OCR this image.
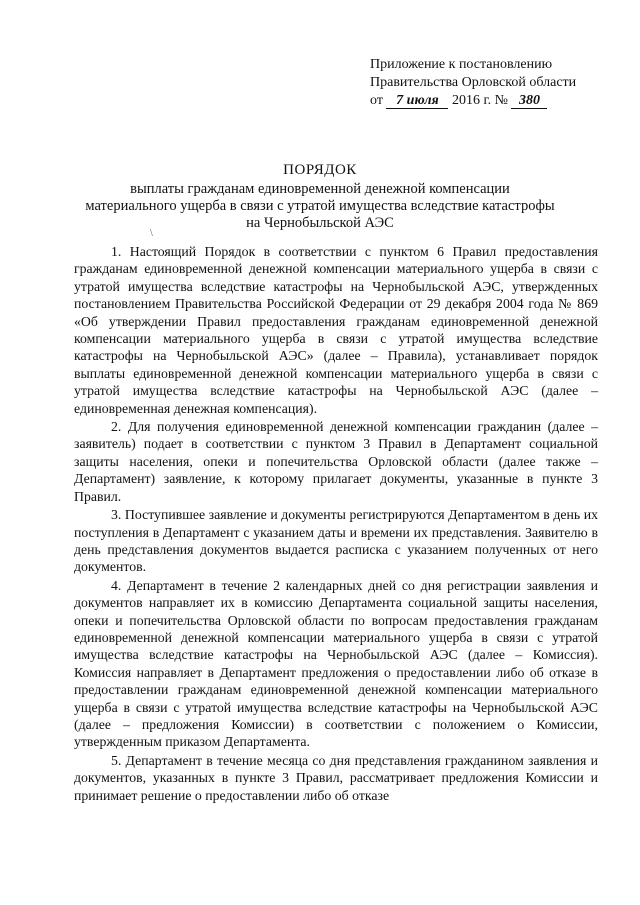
Приложение к постановлению
Правительства Орловской области
от 7 июля 2016 г. № 380
ПОРЯДОК
выплаты гражданам единовременной денежной компенсации
материального ущерба в связи с утратой имущества вследствие катастрофы
на Чернобыльской АЭС
\

1. Настоящий Порядок в соответствии с пунктом 6 Правил предоставления гражданам единовременной денежной компенсации материального ущерба в связи с утратой имущества вследствие катастрофы на Чернобыльской АЭС, утвержденных постановлением Правительства Российской Федерации от 29 декабря 2004 года № 869 «Об утверждении Правил предоставления гражданам единовременной денежной компенсации материального ущерба в связи с утратой имущества вследствие катастрофы на Чернобыльской АЭС» (далее – Правила), устанавливает порядок выплаты единовременной денежной компенсации материального ущерба в связи с утратой имущества вследствие катастрофы на Чернобыльской АЭС (далее – единовременная денежная компенсация).

2. Для получения единовременной денежной компенсации гражданин (далее – заявитель) подает в соответствии с пунктом 3 Правил в Департамент социальной защиты населения, опеки и попечительства Орловской области (далее также – Департамент) заявление, к которому прилагает документы, указанные в пункте 3 Правил.

3. Поступившее заявление и документы регистрируются Департаментом в день их поступления в Департамент с указанием даты и времени их представления. Заявителю в день представления документов выдается расписка с указанием полученных от него документов.

4. Департамент в течение 2 календарных дней со дня регистрации заявления и документов направляет их в комиссию Департамента социальной защиты населения, опеки и попечительства Орловской области по вопросам предоставления гражданам единовременной денежной компенсации материального ущерба в связи с утратой имущества вследствие катастрофы на Чернобыльской АЭС (далее – Комиссия). Комиссия направляет в Департамент предложения о предоставлении либо об отказе в предоставлении гражданам единовременной денежной компенсации материального ущерба в связи с утратой имущества вследствие катастрофы на Чернобыльской АЭС (далее – предложения Комиссии) в соответствии с положением о Комиссии, утвержденным приказом Департамента.

5. Департамент в течение месяца со дня представления гражданином заявления и документов, указанных в пункте 3 Правил, рассматривает предложения Комиссии и принимает решение о предоставлении либо об отказе
